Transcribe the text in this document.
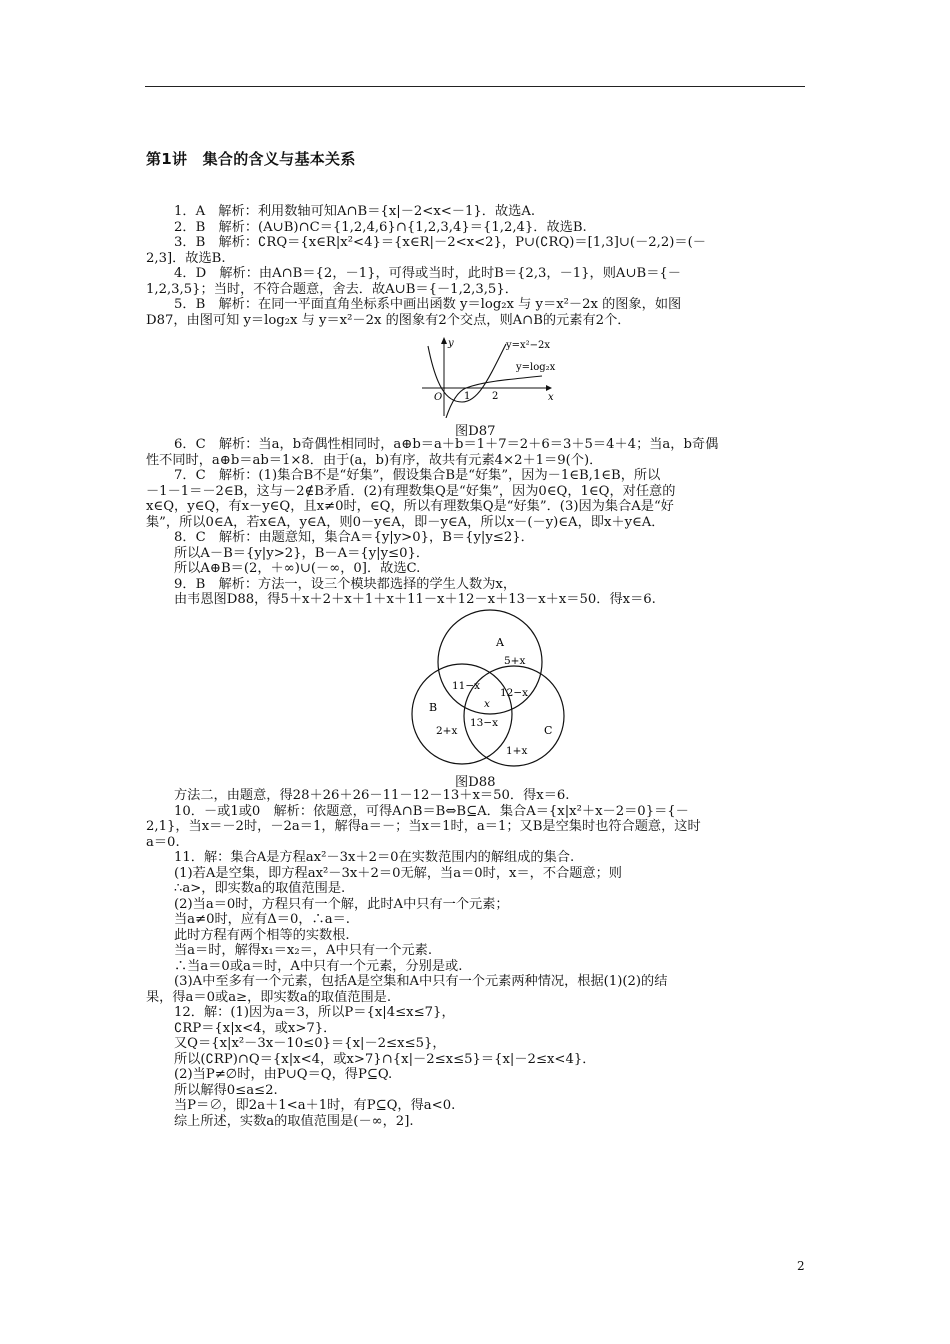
第1讲　集合的含义与基本关系

1．A　解析：利用数轴可知A∩B＝{x|－2<x<－1}．故选A.

2．B　解析：(A∪B)∩C＝{1,2,4,6}∩{1,2,3,4}＝{1,2,4}．故选B.

3．B　解析：∁RQ＝{x∈R|x²<4}＝{x∈R|－2<x<2}，P∪(∁RQ)＝[1,3]∪(－2,2)＝(－

2,3]．故选B.

4．D　解析：由A∩B＝{2，－1}，可得或当时，此时B＝{2,3，－1}，则A∪B＝{－

1,2,3,5}；当时，不符合题意，舍去．故A∪B＝{－1,2,3,5}．

5．B　解析：在同一平面直角坐标系中画出函数 y＝log₂x 与 y＝x²－2x 的图象，如图

D87，由图可知 y＝log₂x 与 y＝x²－2x 的图象有2个交点，则A∩B的元素有2个．

y=x²−2x
y=log₂x
O 1 2	x
y
图D87

6．C　解析：当a，b奇偶性相同时，a⊕b＝a＋b＝1＋7＝2＋6＝3＋5＝4＋4；当a，b奇偶

性不同时，a⊕b＝ab＝1×8．由于(a，b)有序，故共有元素4×2＋1＝9(个)．

7．C　解析：(1)集合B不是“好集”，假设集合B是“好集”，因为－1∈B,1∈B，所以

－1－1＝－2∈B，这与－2∉B矛盾．(2)有理数集Q是“好集”，因为0∈Q，1∈Q，对任意的

x∈Q，y∈Q，有x－y∈Q，且x≠0时，∈Q，所以有理数集Q是“好集”．(3)因为集合A是“好

集”，所以0∈A，若x∈A，y∈A，则0－y∈A，即－y∈A，所以x－(－y)∈A，即x＋y∈A．

8．C　解析：由题意知，集合A＝{y|y>0}，B＝{y|y≤2}．

所以A－B＝{y|y>2}，B－A＝{y|y≤0}．

所以A⊕B＝(2，＋∞)∪(－∞，0]．故选C.

9．B　解析：方法一，设三个模块都选择的学生人数为x，

由韦恩图D88，得5＋x＋2＋x＋1＋x＋11－x＋12－x＋13－x＋x＝50．得x＝6.

A
5+x
B
2+x	C
1+x
11−x
12−x
13−x
x
图D88

方法二，由题意，得28＋26＋26－11－12－13＋x＝50．得x＝6.

10．－或1或0　解析：依题意，可得A∩B＝B⇔B⊆A．集合A＝{x|x²＋x－2＝0}＝{－

2,1}，当x＝－2时，－2a＝1，解得a＝－；当x＝1时，a＝1；又B是空集时也符合题意，这时

a＝0.

11．解：集合A是方程ax²－3x＋2＝0在实数范围内的解组成的集合.

(1)若A是空集，即方程ax²－3x＋2＝0无解，当a＝0时，x＝，不合题意；则

∴a>，即实数a的取值范围是.

(2)当a＝0时，方程只有一个解，此时A中只有一个元素；

当a≠0时，应有Δ＝0，∴a＝.

此时方程有两个相等的实数根.

当a＝时，解得x₁＝x₂＝，A中只有一个元素.

∴当a＝0或a＝时，A中只有一个元素，分别是或.

(3)A中至多有一个元素，包括A是空集和A中只有一个元素两种情况，根据(1)(2)的结

果，得a＝0或a≥，即实数a的取值范围是.

12．解：(1)因为a＝3，所以P＝{x|4≤x≤7}，

∁RP＝{x|x<4，或x>7}．

又Q＝{x|x²－3x－10≤0}＝{x|－2≤x≤5}，

所以(∁RP)∩Q＝{x|x<4，或x>7}∩{x|－2≤x≤5}＝{x|－2≤x<4}．

(2)当P≠∅时，由P∪Q＝Q，得P⊆Q.

所以解得0≤a≤2.

当P＝∅，即2a＋1<a＋1时，有P⊆Q，得a<0.

综上所述，实数a的取值范围是(－∞，2].

2
